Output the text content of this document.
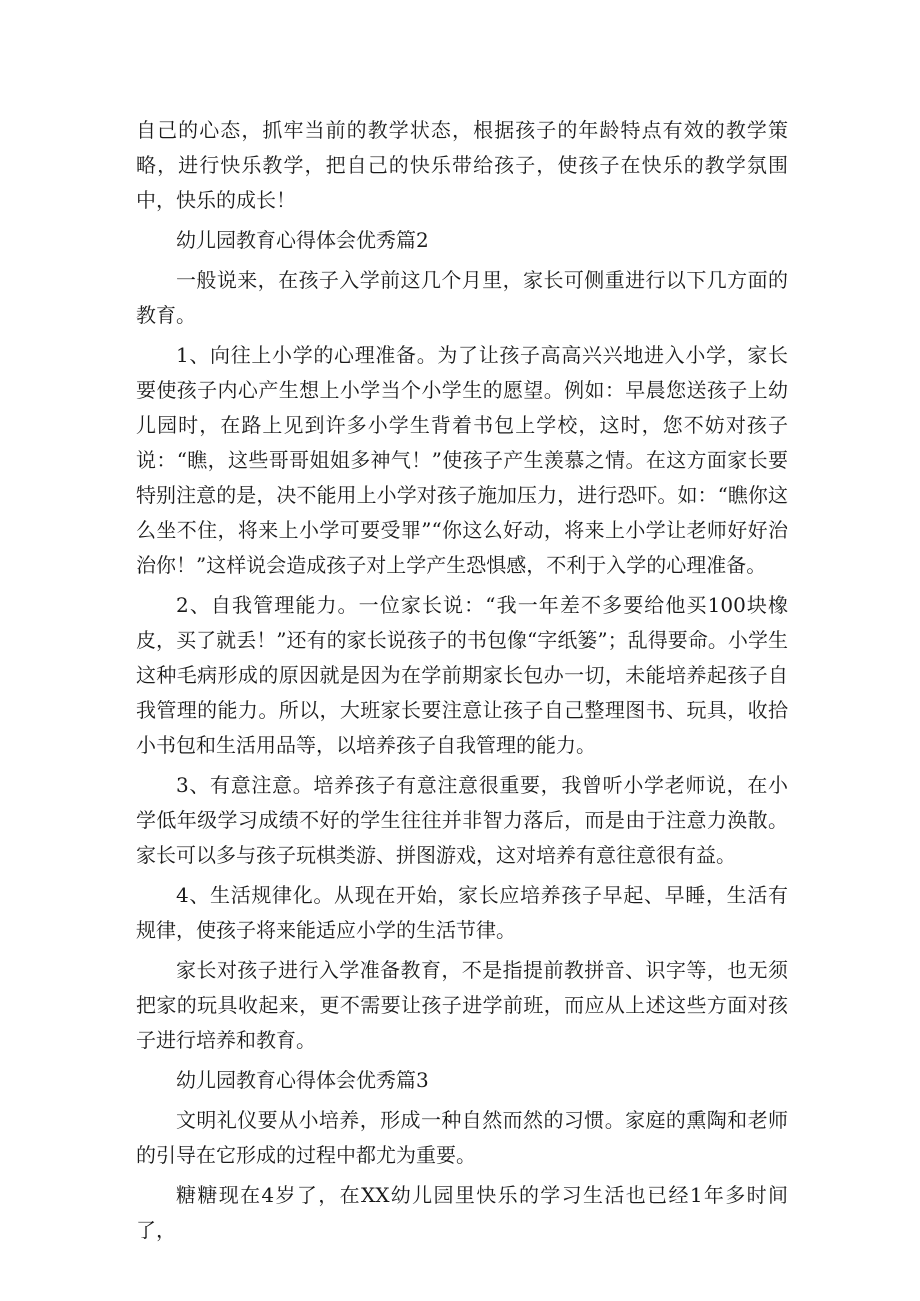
自己的心态，抓牢当前的教学状态，根据孩子的年龄特点有效的教学策略，进行快乐教学，把自己的快乐带给孩子，使孩子在快乐的教学氛围中，快乐的成长！

幼儿园教育心得体会优秀篇2

一般说来，在孩子入学前这几个月里，家长可侧重进行以下几方面的教育。

1、向往上小学的心理准备。为了让孩子高高兴兴地进入小学，家长要使孩子内心产生想上小学当个小学生的愿望。例如：早晨您送孩子上幼儿园时，在路上见到许多小学生背着书包上学校，这时，您不妨对孩子说：“瞧，这些哥哥姐姐多神气！”使孩子产生羡慕之情。在这方面家长要特别注意的是，决不能用上小学对孩子施加压力，进行恐吓。如：“瞧你这么坐不住，将来上小学可要受罪”“你这么好动，将来上小学让老师好好治治你！”这样说会造成孩子对上学产生恐惧感，不利于入学的心理准备。

2、自我管理能力。一位家长说：“我一年差不多要给他买100块橡皮，买了就丢！”还有的家长说孩子的书包像“字纸篓”；乱得要命。小学生这种毛病形成的原因就是因为在学前期家长包办一切，未能培养起孩子自我管理的能力。所以，大班家长要注意让孩子自己整理图书、玩具，收拾小书包和生活用品等，以培养孩子自我管理的能力。

3、有意注意。培养孩子有意注意很重要，我曾听小学老师说，在小学低年级学习成绩不好的学生往往并非智力落后，而是由于注意力涣散。家长可以多与孩子玩棋类游、拼图游戏，这对培养有意往意很有益。

4、生活规律化。从现在开始，家长应培养孩子早起、早睡，生活有规律，使孩子将来能适应小学的生活节律。

家长对孩子进行入学准备教育，不是指提前教拼音、识字等，也无须把家的玩具收起来，更不需要让孩子进学前班，而应从上述这些方面对孩子进行培养和教育。

幼儿园教育心得体会优秀篇3

文明礼仪要从小培养，形成一种自然而然的习惯。家庭的熏陶和老师的引导在它形成的过程中都尤为重要。

糖糖现在4岁了，在XX幼儿园里快乐的学习生活也已经1年多时间了，
